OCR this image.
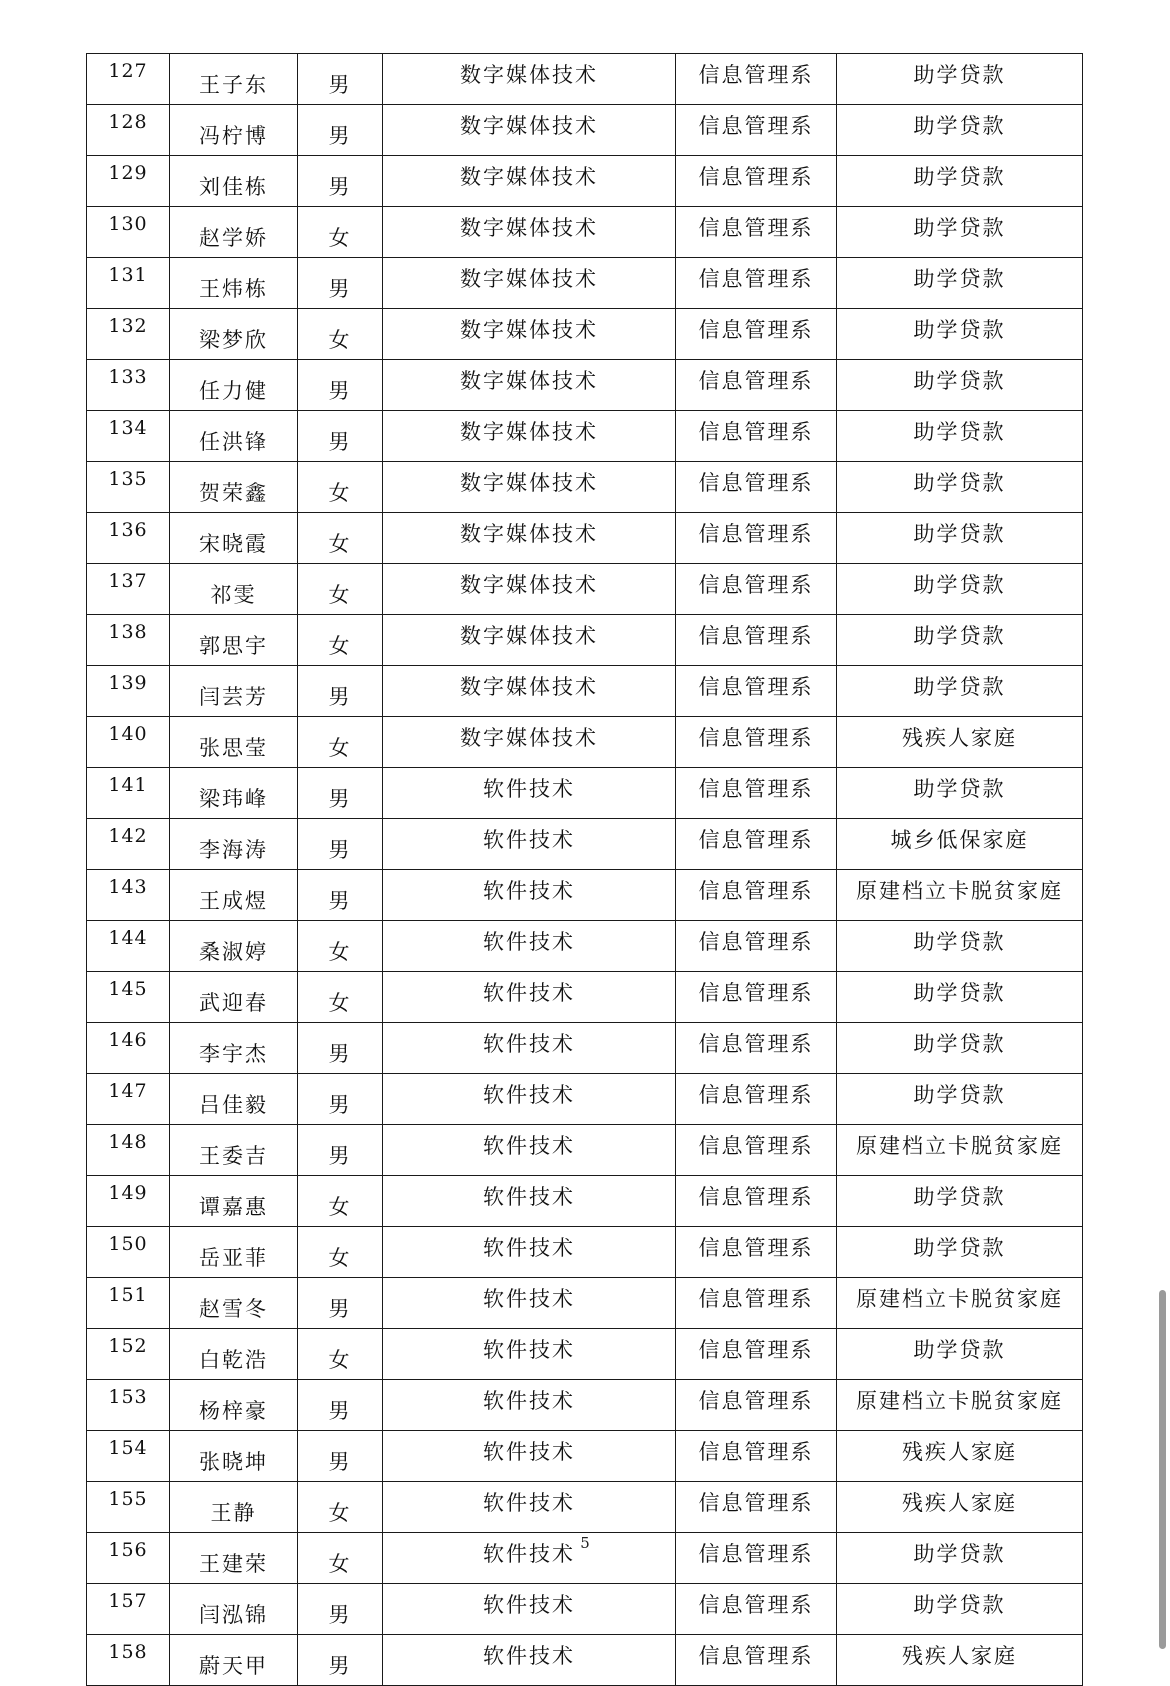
127	王子东	男	数字媒体技术	信息管理系	助学贷款
128	冯柠博	男	数字媒体技术	信息管理系	助学贷款
129	刘佳栋	男	数字媒体技术	信息管理系	助学贷款
130	赵学娇	女	数字媒体技术	信息管理系	助学贷款
131	王炜栋	男	数字媒体技术	信息管理系	助学贷款
132	梁梦欣	女	数字媒体技术	信息管理系	助学贷款
133	任力健	男	数字媒体技术	信息管理系	助学贷款
134	任洪锋	男	数字媒体技术	信息管理系	助学贷款
135	贺荣鑫	女	数字媒体技术	信息管理系	助学贷款
136	宋晓霞	女	数字媒体技术	信息管理系	助学贷款
137	祁雯	女	数字媒体技术	信息管理系	助学贷款
138	郭思宇	女	数字媒体技术	信息管理系	助学贷款
139	闫芸芳	男	数字媒体技术	信息管理系	助学贷款
140	张思莹	女	数字媒体技术	信息管理系	残疾人家庭
141	梁玮峰	男	软件技术	信息管理系	助学贷款
142	李海涛	男	软件技术	信息管理系	城乡低保家庭
143	王成煜	男	软件技术	信息管理系	原建档立卡脱贫家庭
144	桑淑婷	女	软件技术	信息管理系	助学贷款
145	武迎春	女	软件技术	信息管理系	助学贷款
146	李宇杰	男	软件技术	信息管理系	助学贷款
147	吕佳毅	男	软件技术	信息管理系	助学贷款
148	王委吉	男	软件技术	信息管理系	原建档立卡脱贫家庭
149	谭嘉惠	女	软件技术	信息管理系	助学贷款
150	岳亚菲	女	软件技术	信息管理系	助学贷款
151	赵雪冬	男	软件技术	信息管理系	原建档立卡脱贫家庭
152	白乾浩	女	软件技术	信息管理系	助学贷款
153	杨梓豪	男	软件技术	信息管理系	原建档立卡脱贫家庭
154	张晓坤	男	软件技术	信息管理系	残疾人家庭
155	王静	女	软件技术	信息管理系	残疾人家庭
156	王建荣	女	软件技术	信息管理系	助学贷款
157	闫泓锦	男	软件技术	信息管理系	助学贷款
158	蔚天甲	男	软件技术	信息管理系	残疾人家庭
5
